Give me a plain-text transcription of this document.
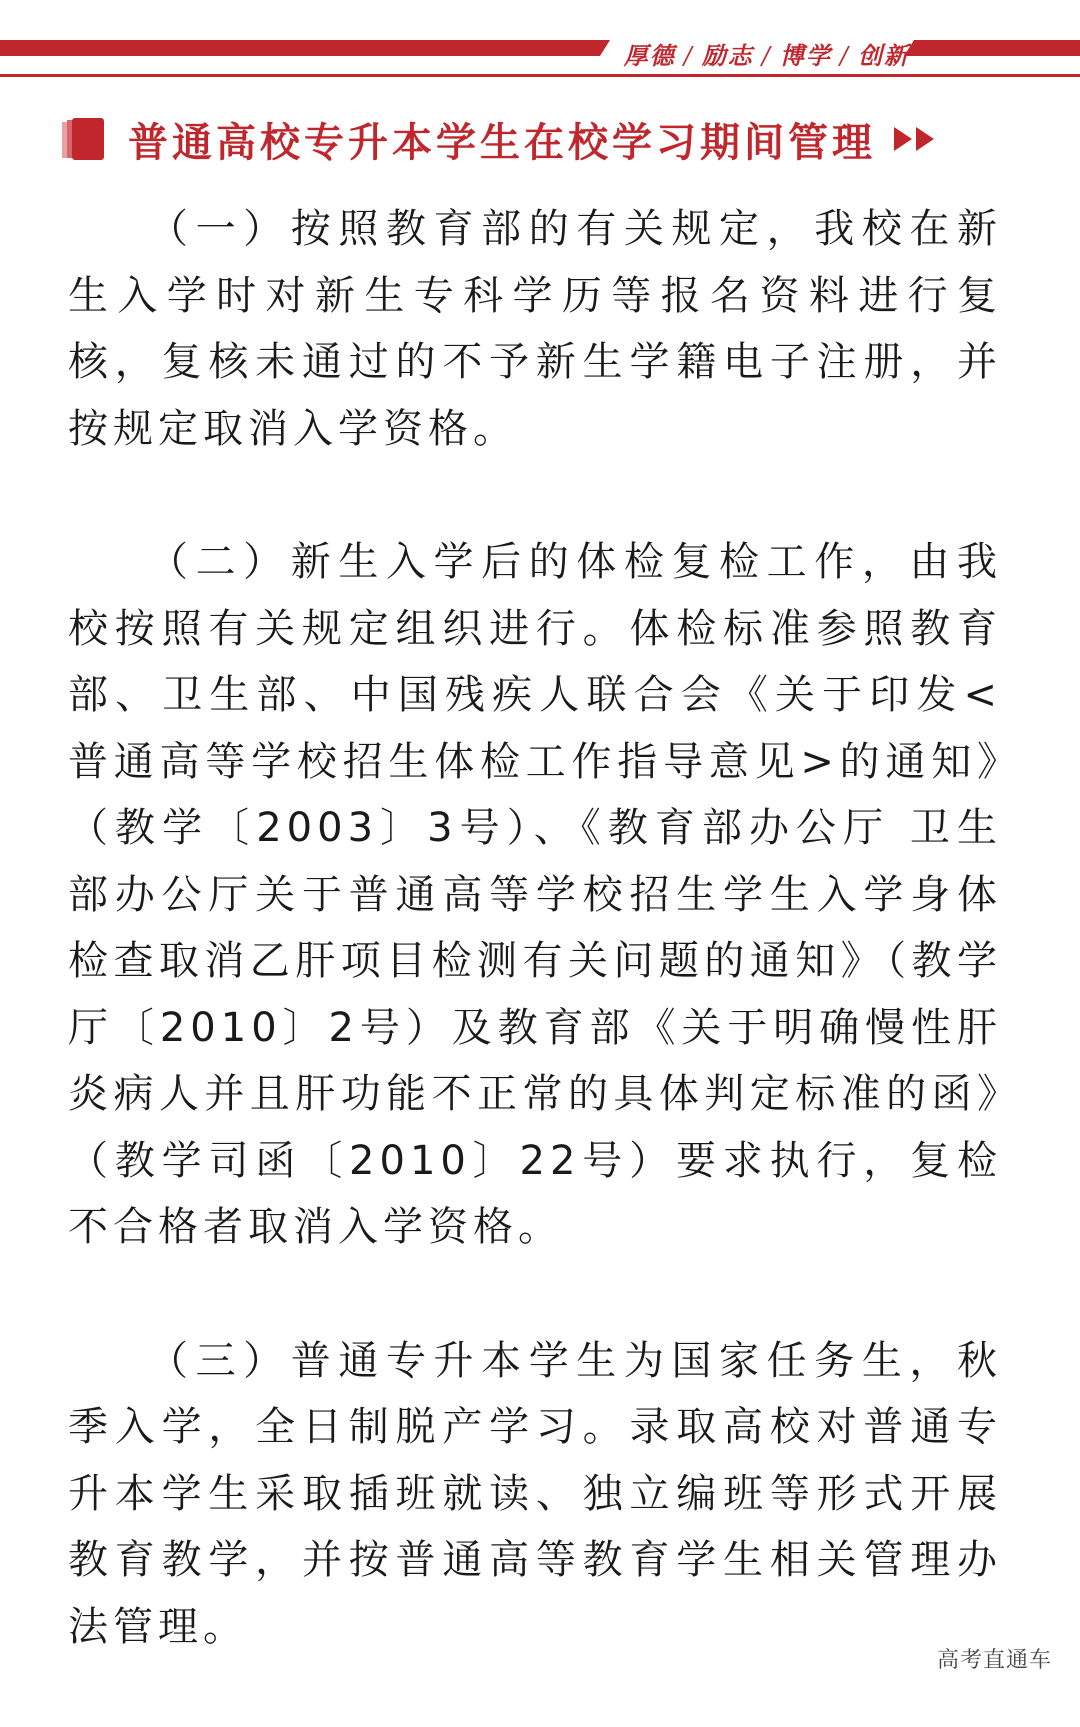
厚德 / 励志 / 博学 / 创新
普通高校专升本学生在校学习期间管理

（一）按照教育部的有关规定，我校在新生入学时对新生专科学历等报名资料进行复核，复核未通过的不予新生学籍电子注册，并按规定取消入学资格。

（二）新生入学后的体检复检工作，由我校按照有关规定组织进行。体检标准参照教育部、卫生部、中国残疾人联合会《关于印发<普通高等学校招生体检工作指导意见>的通知》（教学〔2003〕3号）、《教育部办公厅 卫生部办公厅关于普通高等学校招生学生入学身体检查取消乙肝项目检测有关问题的通知》（教学厅〔2010〕2号）及教育部《关于明确慢性肝炎病人并且肝功能不正常的具体判定标准的函》（教学司函〔2010〕22号）要求执行，复检不合格者取消入学资格。

（三）普通专升本学生为国家任务生，秋季入学，全日制脱产学习。录取高校对普通专升本学生采取插班就读、独立编班等形式开展教育教学，并按普通高等教育学生相关管理办法管理。

高考直通车
